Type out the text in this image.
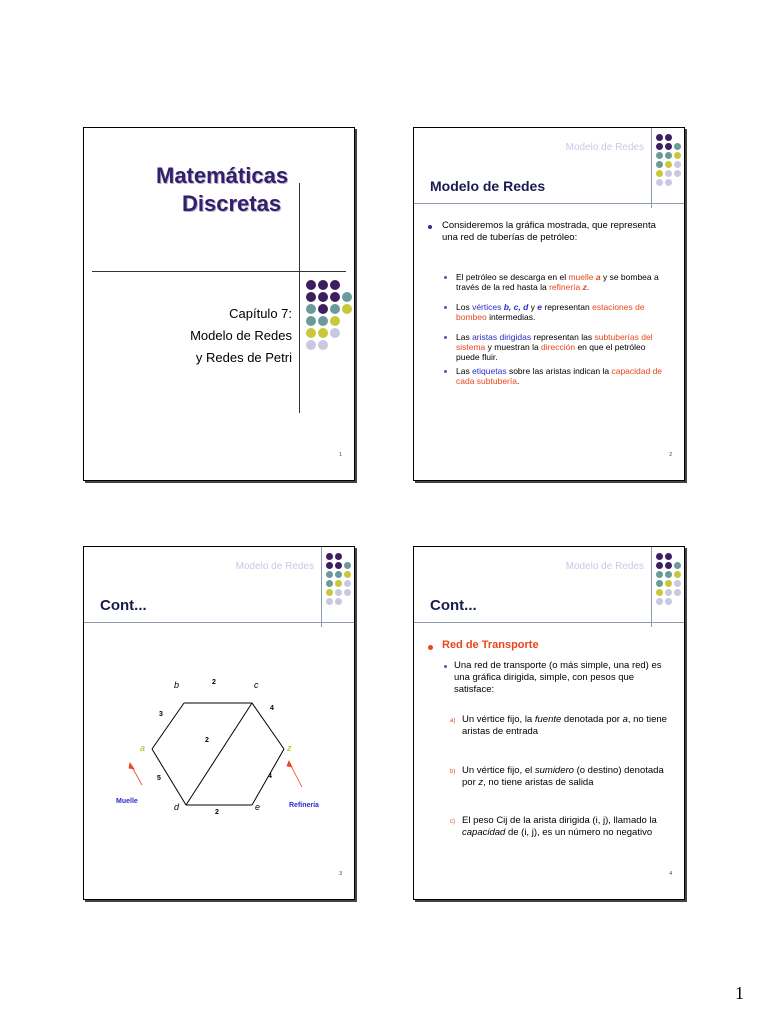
Matemáticas
Discretas
Capítulo 7:
Modelo de Redes
y Redes de Petri
1
Modelo de Redes
Modelo de Redes
Consideremos la gráfica mostrada, que representa una red de tuberías de petróleo:
El petróleo se descarga en el muelle a y se bombea a través de la red hasta la refinería z.
Los vértices b, c, d y e representan estaciones de bombeo intermedias.
Las aristas dirigidas representan las subtuberías del sistema y muestran la dirección en que el petróleo puede fluir.
Las etiquetas sobre las aristas indican la capacidad de cada subtubería.
2
Modelo de Redes
Cont...
a
b	c
d	e
z
3
2
4
5
2
2
4
Muelle
Refinería
3
Modelo de Redes
Cont...
Red de Transporte
Una red de transporte (o más simple, una red) es una gráfica dirigida, simple, con pesos que satisface:
a) Un vértice fijo, la fuente denotada por a, no tiene aristas de entrada
b) Un vértice fijo, el sumidero (o destino) denotada por z, no tiene aristas de salida
c) El peso Cij de la arista dirigida (i, j), llamado la capacidad de (i, j), es un número no negativo
4
1
